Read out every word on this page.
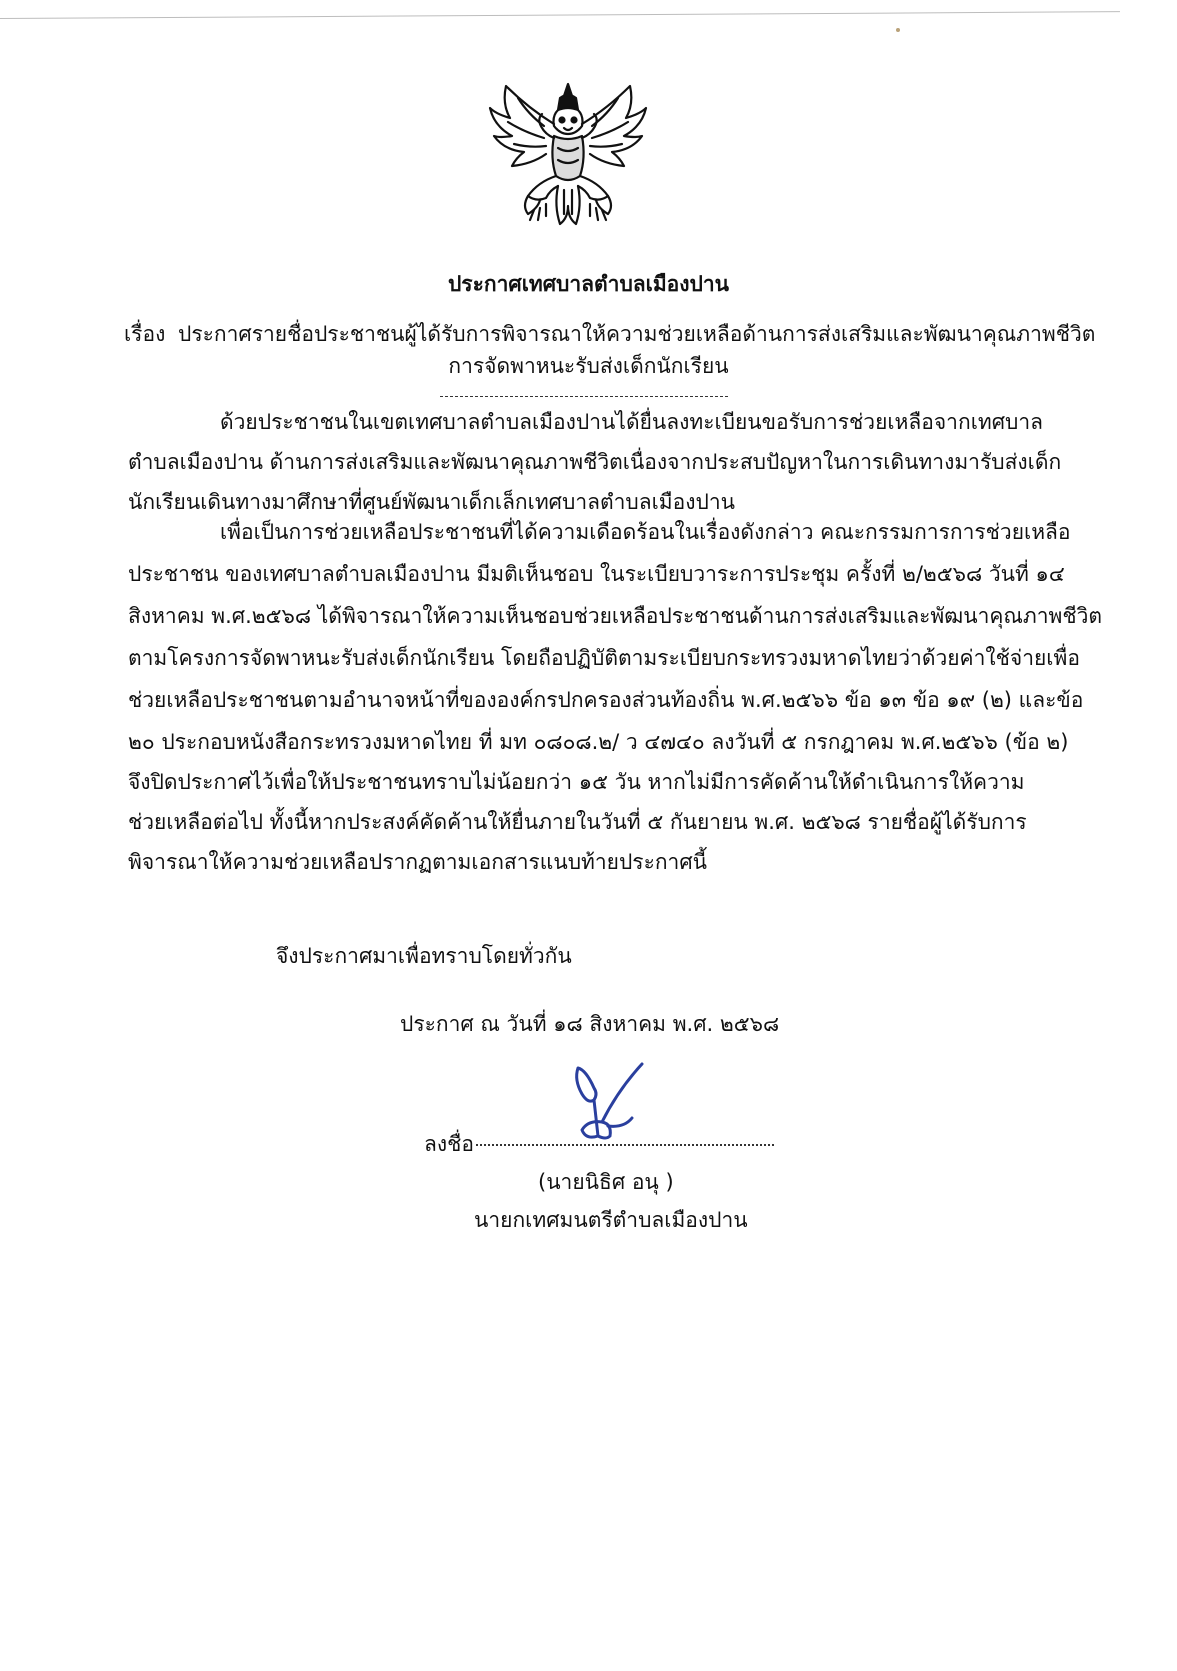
ประกาศเทศบาลตำบลเมืองปาน
เรื่อง ประกาศรายชื่อประชาชนผู้ได้รับการพิจารณาให้ความช่วยเหลือด้านการส่งเสริมและพัฒนาคุณภาพชีวิต
การจัดพาหนะรับส่งเด็กนักเรียน
ด้วยประชาชนในเขตเทศบาลตำบลเมืองปานได้ยื่นลงทะเบียนขอรับการช่วยเหลือจากเทศบาล
ตำบลเมืองปาน ด้านการส่งเสริมและพัฒนาคุณภาพชีวิตเนื่องจากประสบปัญหาในการเดินทางมารับส่งเด็ก
นักเรียนเดินทางมาศึกษาที่ศูนย์พัฒนาเด็กเล็กเทศบาลตำบลเมืองปาน
เพื่อเป็นการช่วยเหลือประชาชนที่ได้ความเดือดร้อนในเรื่องดังกล่าว คณะกรรมการการช่วยเหลือ
ประชาชน ของเทศบาลตำบลเมืองปาน มีมติเห็นชอบ ในระเบียบวาระการประชุม ครั้งที่ ๒/๒๕๖๘ วันที่ ๑๔
สิงหาคม พ.ศ.๒๕๖๘ ได้พิจารณาให้ความเห็นชอบช่วยเหลือประชาชนด้านการส่งเสริมและพัฒนาคุณภาพชีวิต
ตามโครงการจัดพาหนะรับส่งเด็กนักเรียน โดยถือปฏิบัติตามระเบียบกระทรวงมหาดไทยว่าด้วยค่าใช้จ่ายเพื่อ
ช่วยเหลือประชาชนตามอำนาจหน้าที่ขององค์กรปกครองส่วนท้องถิ่น พ.ศ.๒๕๖๖ ข้อ ๑๓ ข้อ ๑๙ (๒) และข้อ
๒๐ ประกอบหนังสือกระทรวงมหาดไทย ที่ มท ๐๘๐๘.๒/ ว ๔๗๔๐ ลงวันที่ ๕ กรกฎาคม พ.ศ.๒๕๖๖ (ข้อ ๒)
จึงปิดประกาศไว้เพื่อให้ประชาชนทราบไม่น้อยกว่า ๑๕ วัน หากไม่มีการคัดค้านให้ดำเนินการให้ความ
ช่วยเหลือต่อไป ทั้งนี้หากประสงค์คัดค้านให้ยื่นภายในวันที่ ๕ กันยายน พ.ศ. ๒๕๖๘ รายชื่อผู้ได้รับการ
พิจารณาให้ความช่วยเหลือปรากฏตามเอกสารแนบท้ายประกาศนี้
จึงประกาศมาเพื่อทราบโดยทั่วกัน
ประกาศ ณ วันที่ ๑๘ สิงหาคม พ.ศ. ๒๕๖๘
ลงชื่อ
(นายนิธิศ อนุ )
นายกเทศมนตรีตำบลเมืองปาน
